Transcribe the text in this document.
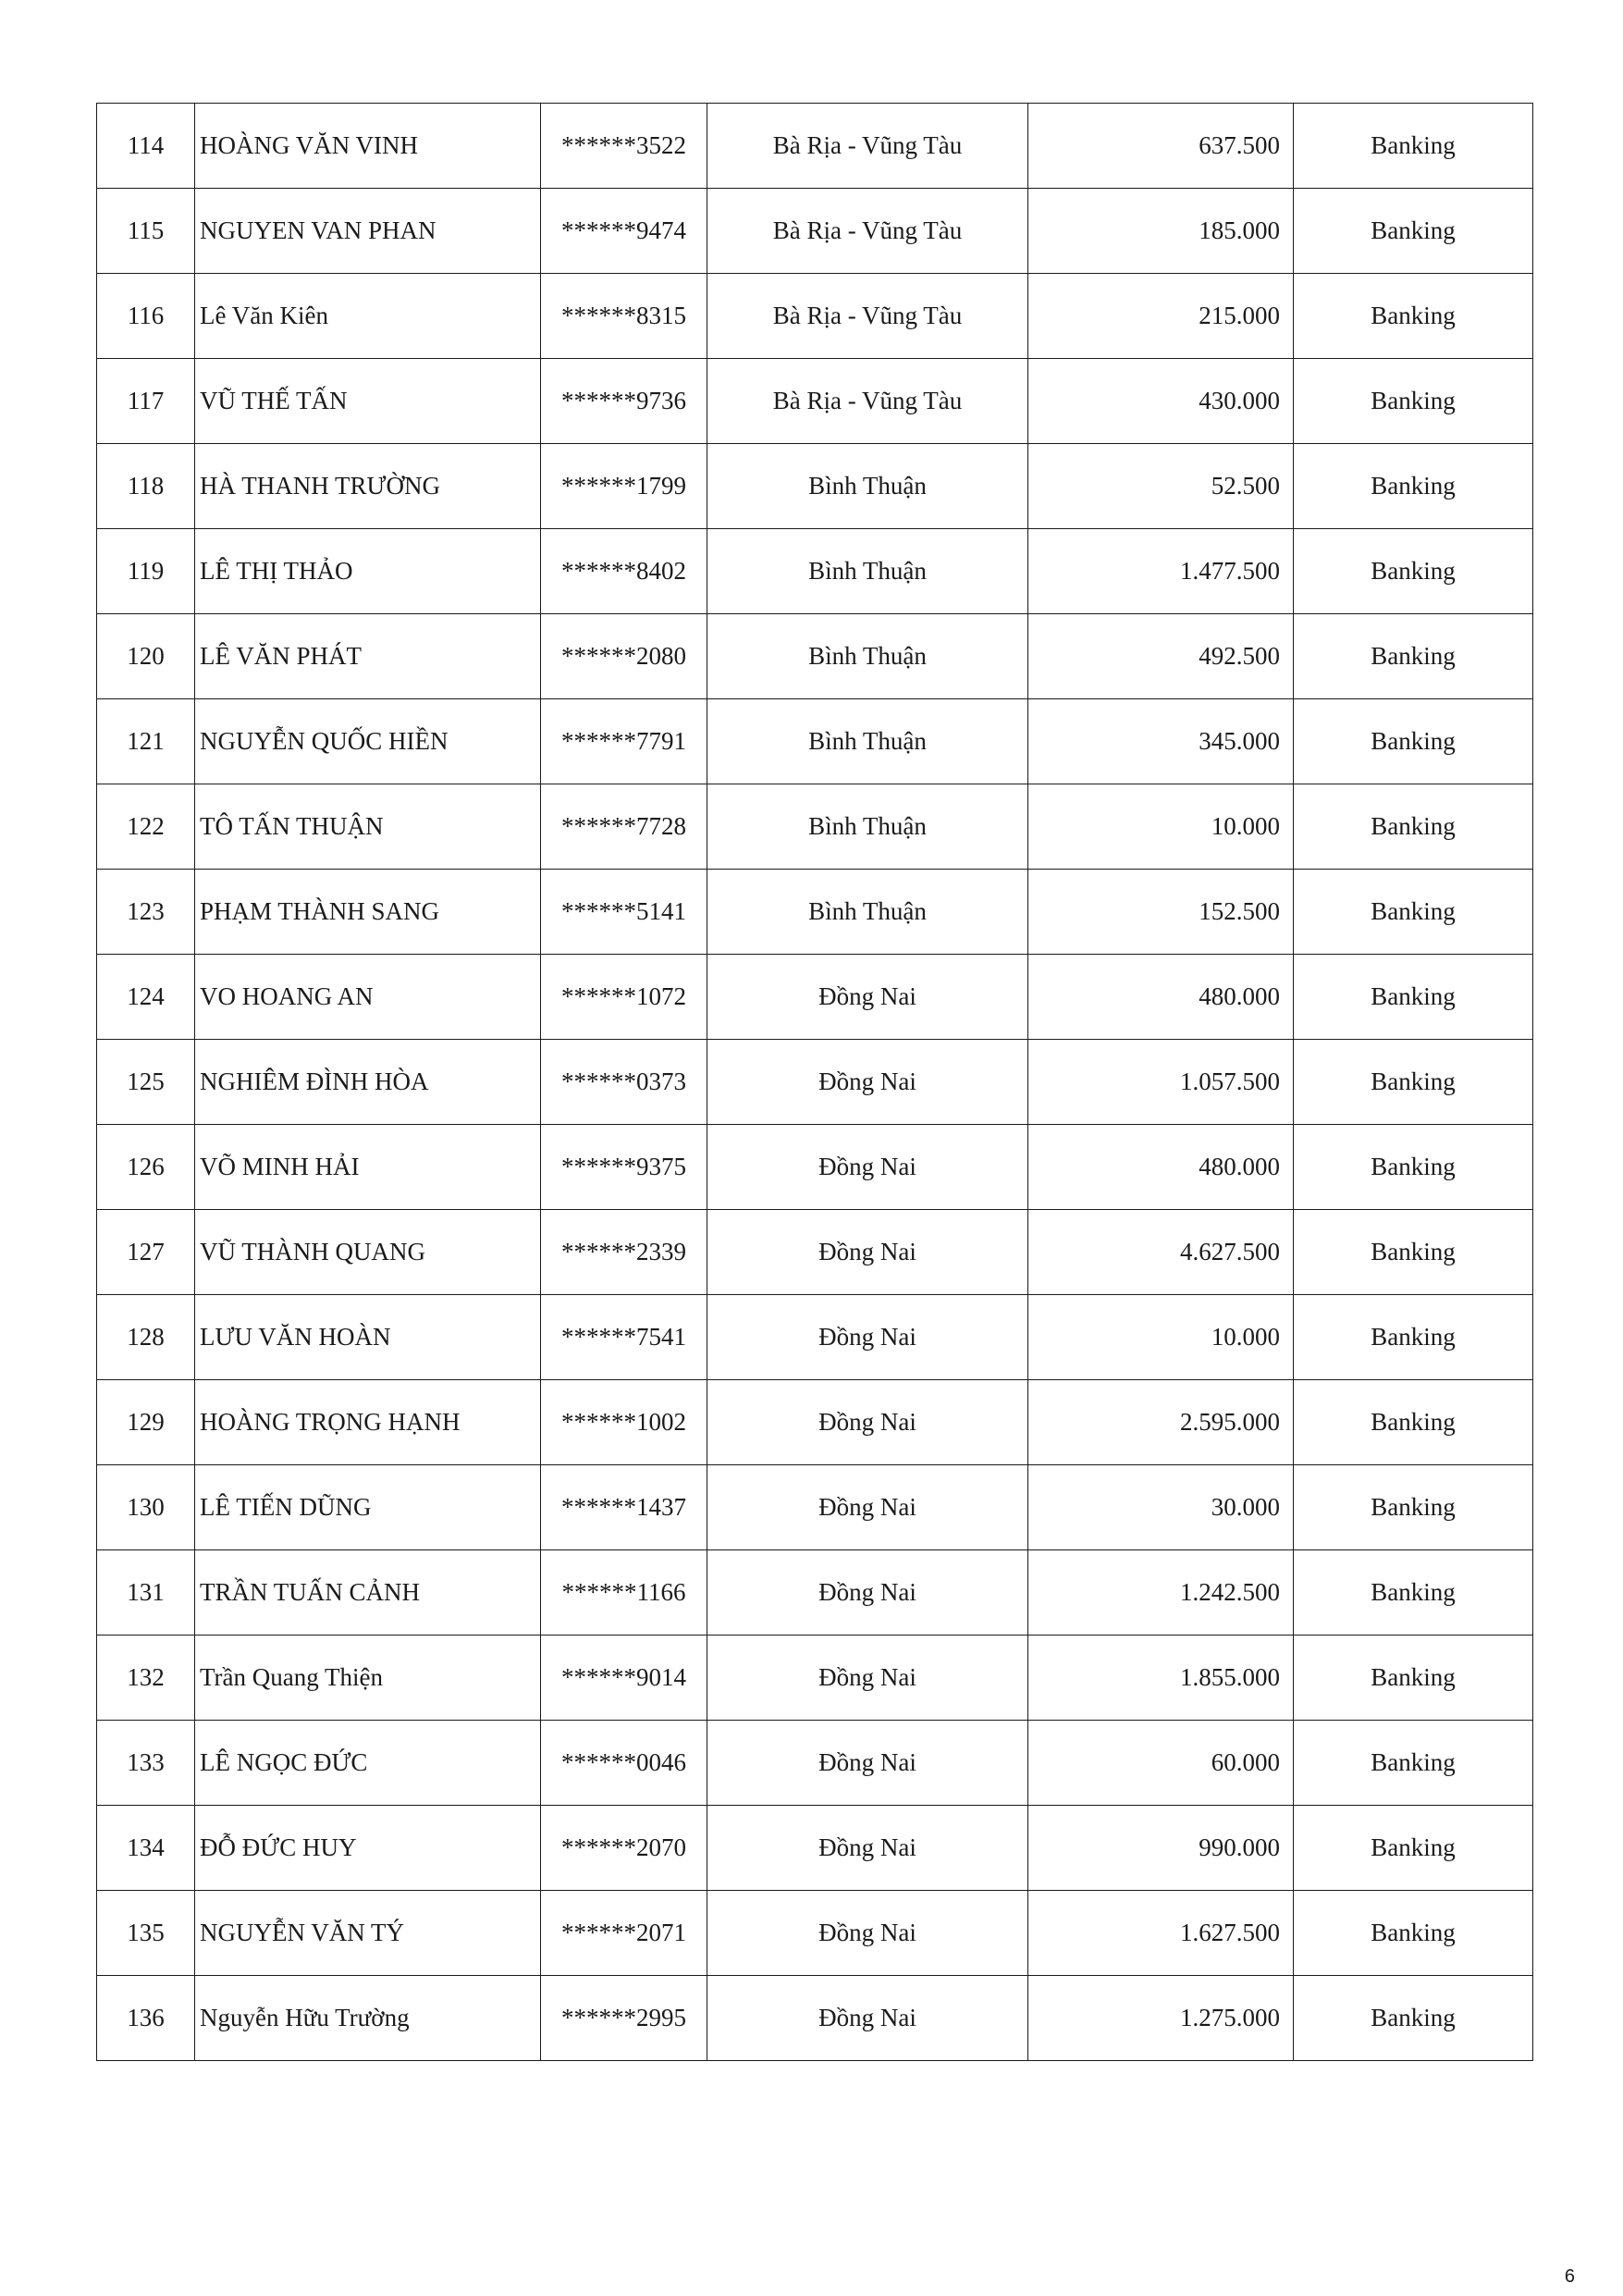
114	HOÀNG VĂN VINH	******3522	Bà Rịa - Vũng Tàu	637.500	Banking
115	NGUYEN VAN PHAN	******9474	Bà Rịa - Vũng Tàu	185.000	Banking
116	Lê Văn Kiên	******8315	Bà Rịa - Vũng Tàu	215.000	Banking
117	VŨ THẾ TẤN	******9736	Bà Rịa - Vũng Tàu	430.000	Banking
118	HÀ THANH TRƯỜNG	******1799	Bình Thuận	52.500	Banking
119	LÊ THỊ THẢO	******8402	Bình Thuận	1.477.500	Banking
120	LÊ VĂN PHÁT	******2080	Bình Thuận	492.500	Banking
121	NGUYỄN QUỐC HIỀN	******7791	Bình Thuận	345.000	Banking
122	TÔ TẤN THUẬN	******7728	Bình Thuận	10.000	Banking
123	PHẠM THÀNH SANG	******5141	Bình Thuận	152.500	Banking
124	VO HOANG AN	******1072	Đồng Nai	480.000	Banking
125	NGHIÊM ĐÌNH HÒA	******0373	Đồng Nai	1.057.500	Banking
126	VÕ MINH HẢI	******9375	Đồng Nai	480.000	Banking
127	VŨ THÀNH QUANG	******2339	Đồng Nai	4.627.500	Banking
128	LƯU VĂN HOÀN	******7541	Đồng Nai	10.000	Banking
129	HOÀNG TRỌNG HẠNH	******1002	Đồng Nai	2.595.000	Banking
130	LÊ TIẾN DŨNG	******1437	Đồng Nai	30.000	Banking
131	TRẦN TUẤN CẢNH	******1166	Đồng Nai	1.242.500	Banking
132	Trần Quang Thiện	******9014	Đồng Nai	1.855.000	Banking
133	LÊ NGỌC ĐỨC	******0046	Đồng Nai	60.000	Banking
134	ĐỖ ĐỨC HUY	******2070	Đồng Nai	990.000	Banking
135	NGUYỄN VĂN TÝ	******2071	Đồng Nai	1.627.500	Banking
136	Nguyễn Hữu Trường	******2995	Đồng Nai	1.275.000	Banking
6
